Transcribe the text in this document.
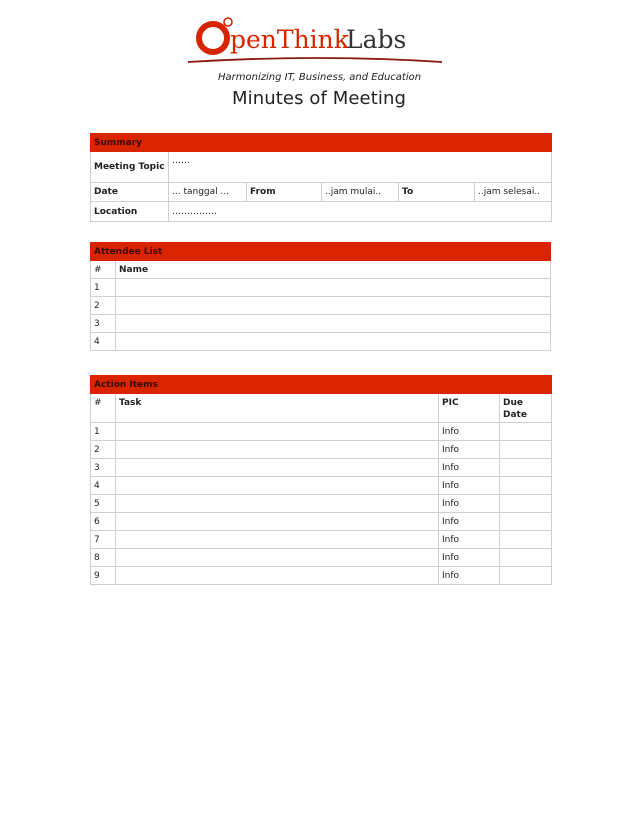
penThink
Labs
Harmonizing IT, Business, and Education
Minutes of Meeting
Summary					
Meeting Topic	……				
Date	... tanggal ...	From	..jam mulai..	To	..jam selesai..
Location	……………				
Attendee List	
#	Name
1	
2	
3	
4	
Action Items			
#	Task	PIC	Due Date
1		Info	
2		Info	
3		Info	
4		Info	
5		Info	
6		Info	
7		Info	
8		Info	
9		Info	
